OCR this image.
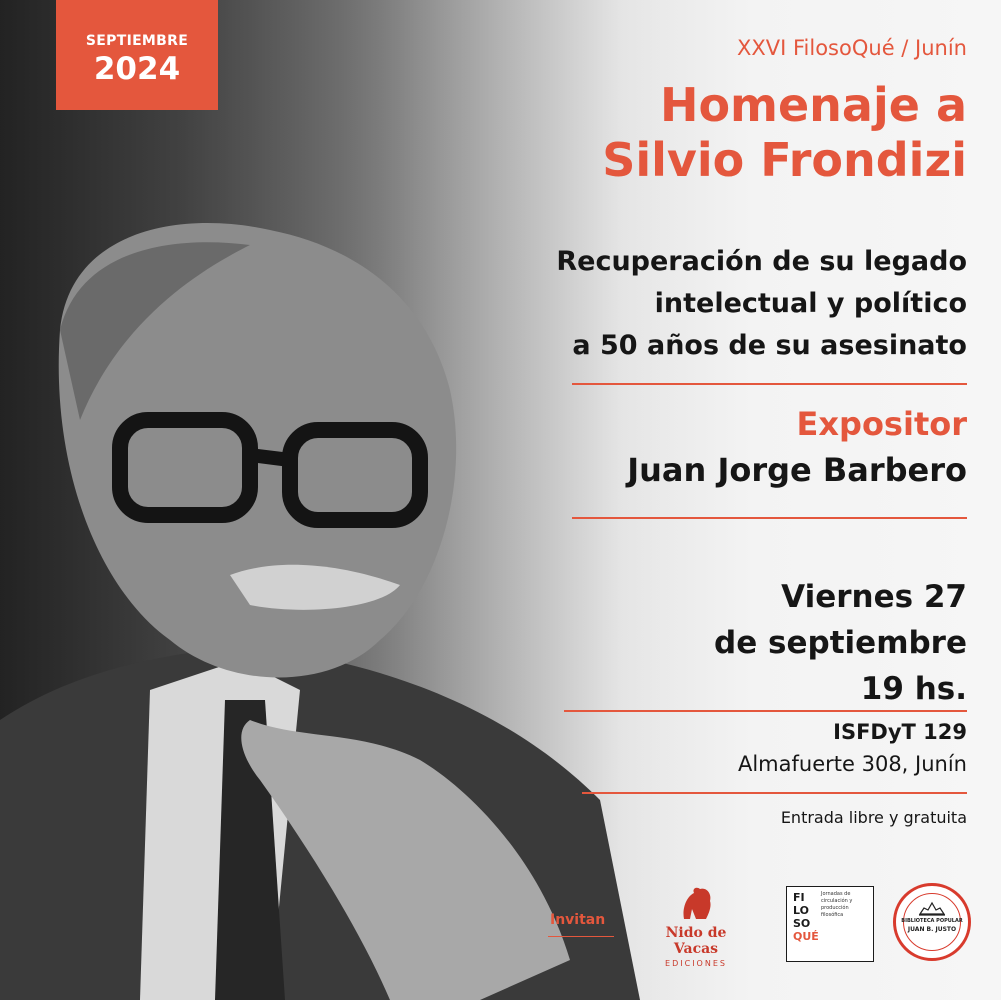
SEPTIEMBRE
2024
XXVI FilosoQué / Junín
Homenaje a
Silvio Frondizi
Recuperación de su legado
intelectual y político
a 50 años de su asesinato
Expositor
Juan Jorge Barbero
Viernes 27
de septiembre
19 hs.
ISFDyT 129
Almafuerte 308, Junín
Entrada libre y gratuita
Invitan
Nido de Vacas
EDICIONES
FI
LO
SO
QUÉ
Jornadas de circulación y producción filosófica
BIBLIOTECA POPULAR
JUAN B. JUSTO
